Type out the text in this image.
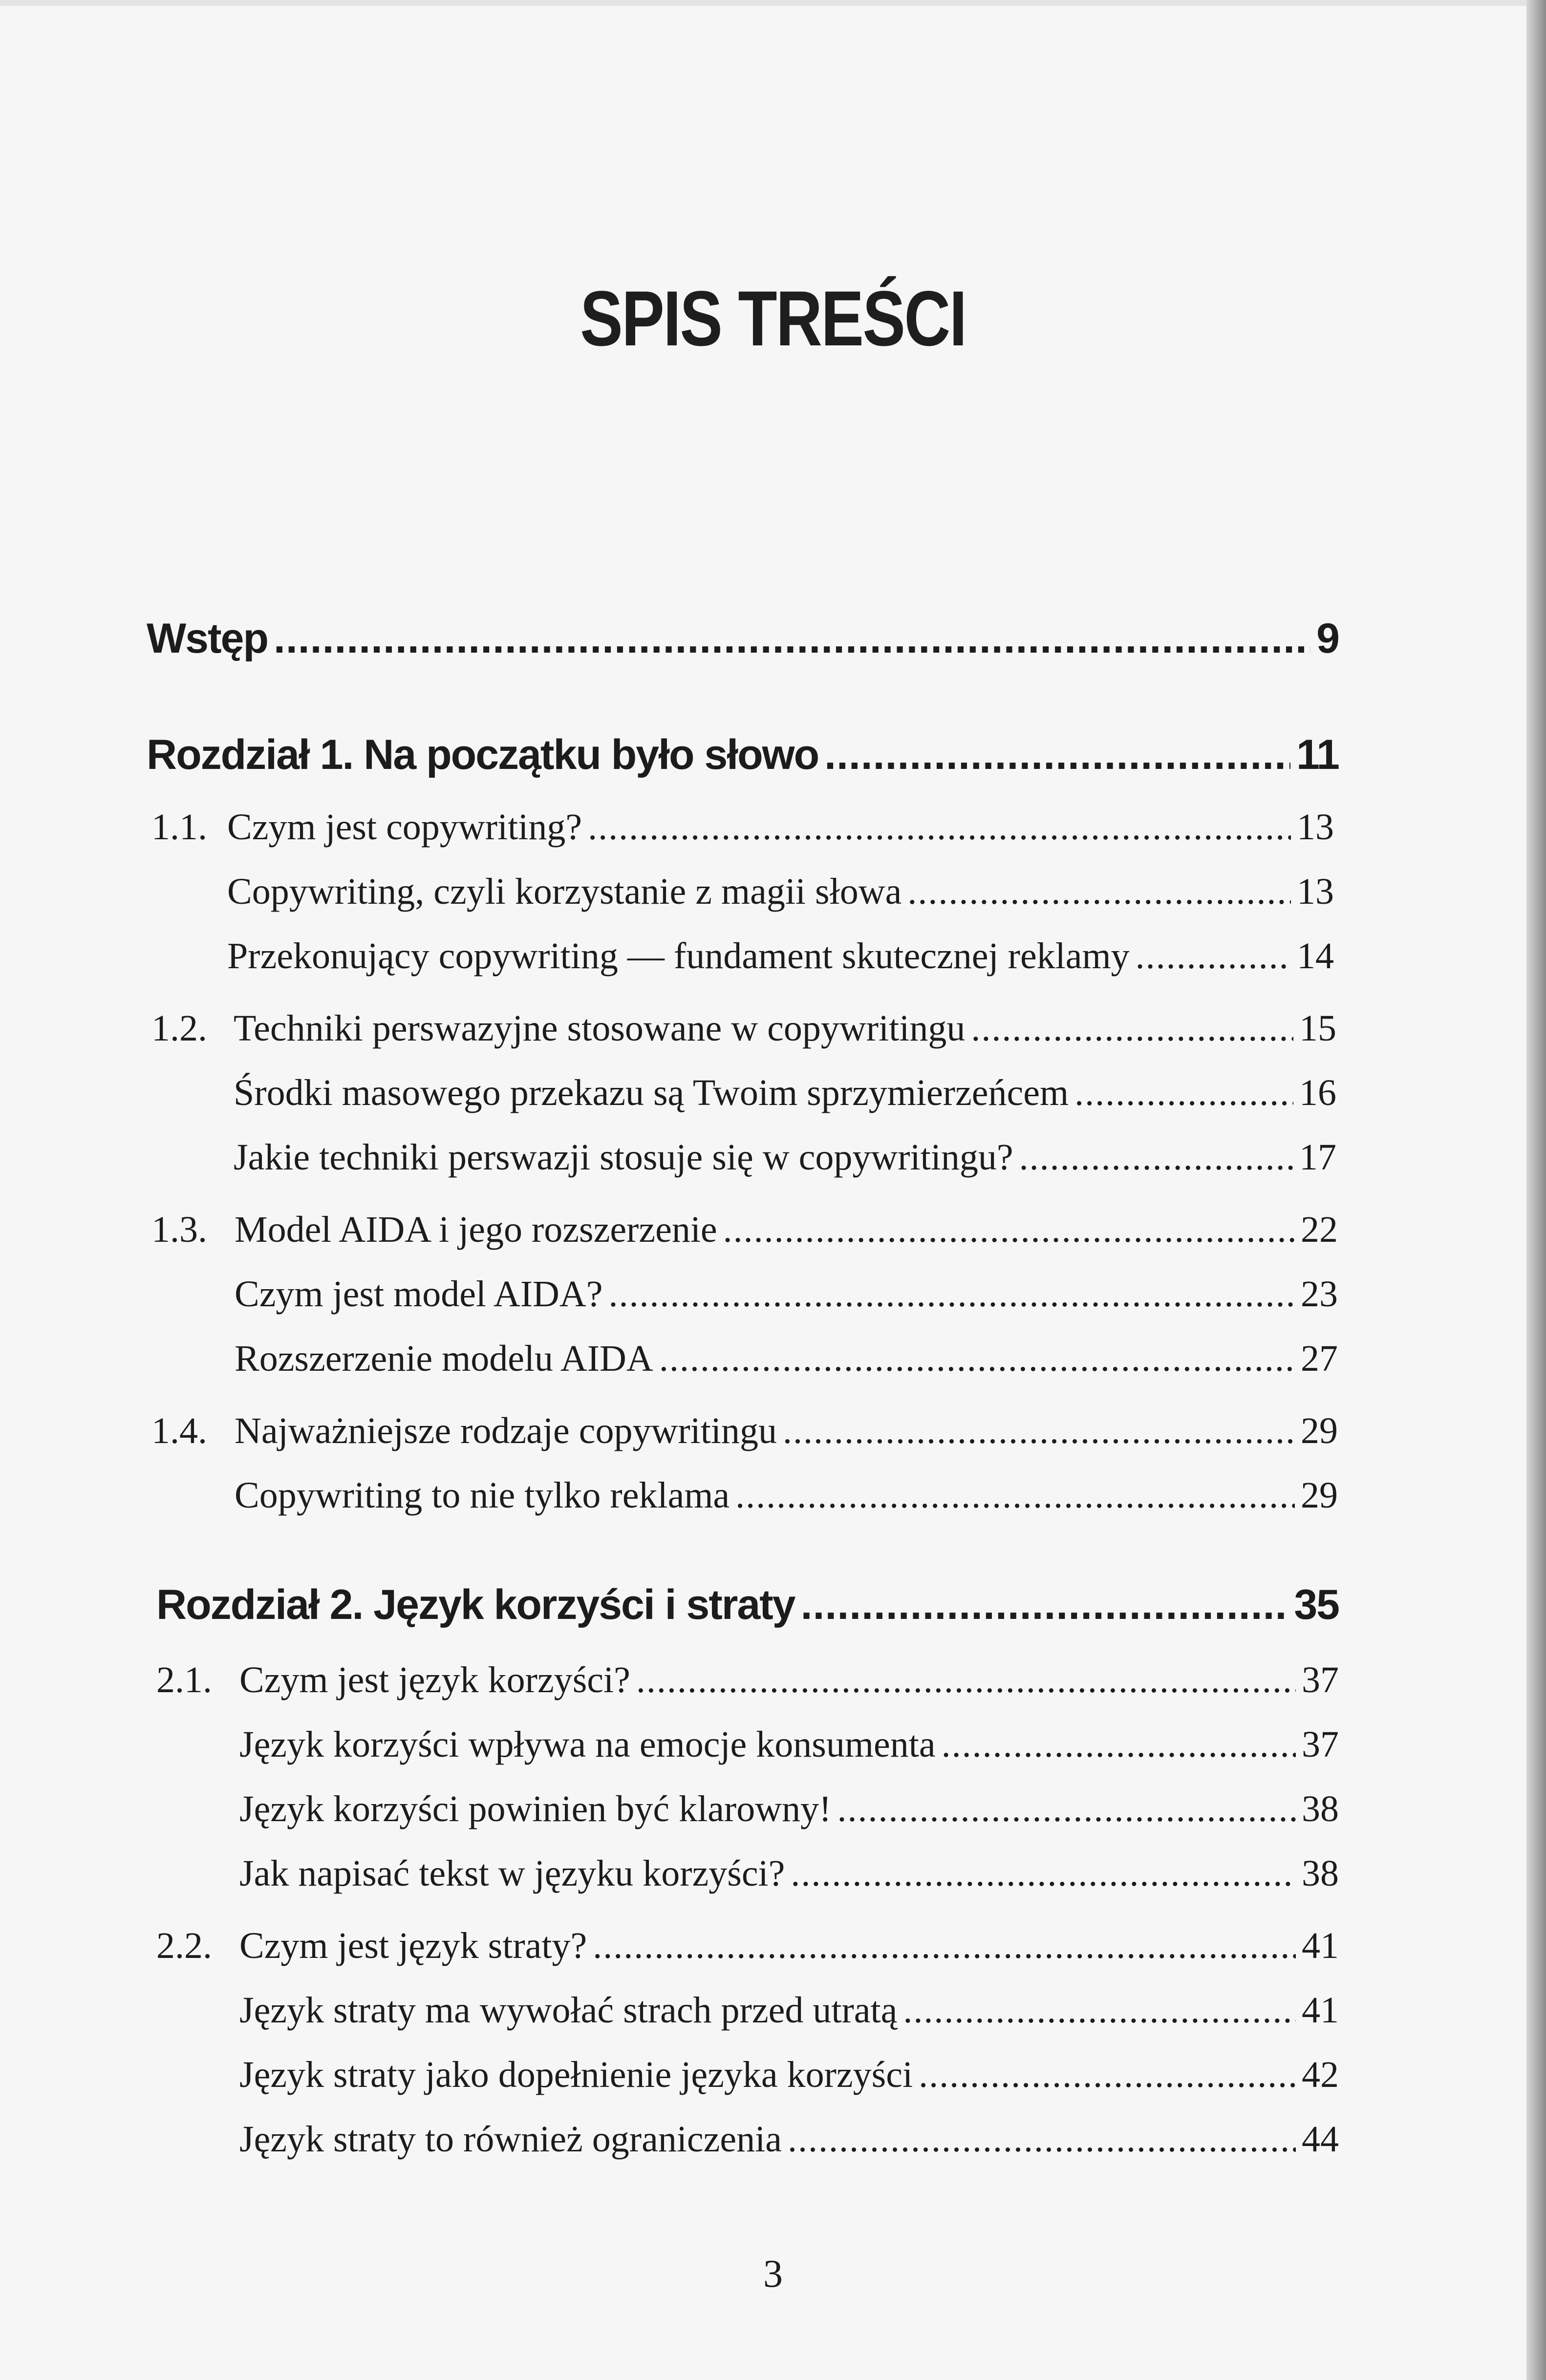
SPIS TREŚCI
Wstęp .....	9
Rozdział 1. Na początku było słowo .....	11
1.1. Czym jest copywriting? .....	13
Copywriting, czyli korzystanie z magii słowa .....	13
Przekonujący copywriting — fundament skutecznej reklamy .....	14
1.2. Techniki perswazyjne stosowane w copywritingu .....	15
Środki masowego przekazu są Twoim sprzymierzeńcem .....	16
Jakie techniki perswazji stosuje się w copywritingu? .....	17
1.3. Model AIDA i jego rozszerzenie .....	22
Czym jest model AIDA? .....	23
Rozszerzenie modelu AIDA .....	27
1.4. Najważniejsze rodzaje copywritingu .....	29
Copywriting to nie tylko reklama .....	29
Rozdział 2. Język korzyści i straty .....	35
2.1. Czym jest język korzyści? .....	37
Język korzyści wpływa na emocje konsumenta .....	37
Język korzyści powinien być klarowny! .....	38
Jak napisać tekst w języku korzyści? .....	38
2.2. Czym jest język straty? .....	41
Język straty ma wywołać strach przed utratą .....	41
Język straty jako dopełnienie języka korzyści .....	42
Język straty to również ograniczenia .....	44
3
